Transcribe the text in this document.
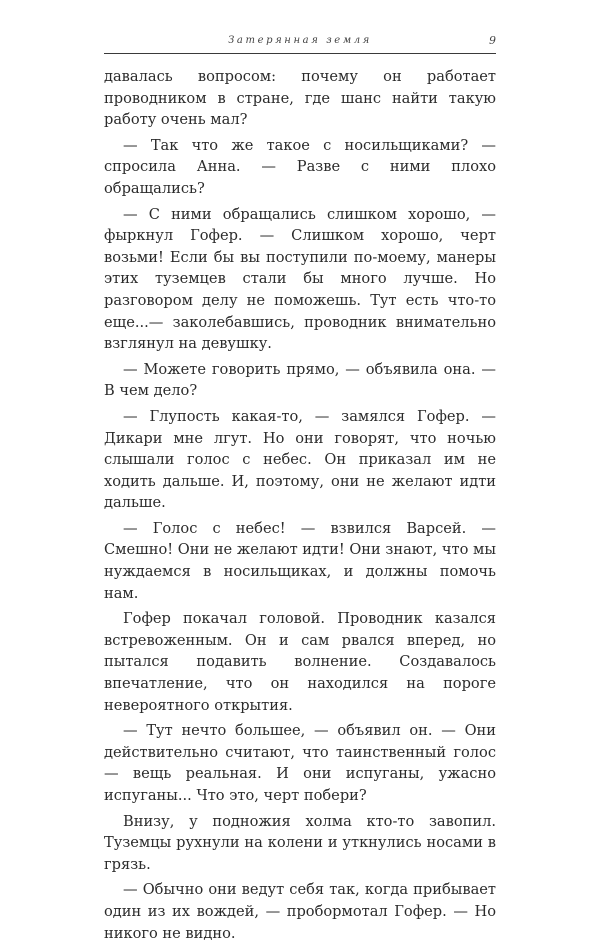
Затерянная земля	9

давалась вопросом: почему он работает проводником в стране, где шанс найти такую работу очень мал?

— Так что же такое с носильщиками? — спросила Анна. — Разве с ними плохо обращались?

— С ними обращались слишком хорошо, — фыркнул Гофер. — Слишком хорошо, черт возьми! Если бы вы поступили по-моему, манеры этих туземцев стали бы много лучше. Но разговором делу не поможешь. Тут есть что-то еще...— заколебавшись, проводник внимательно взглянул на девушку.

— Можете говорить прямо, — объявила она. — В чем дело?

— Глупость какая-то, — замялся Гофер. — Дикари мне лгут. Но они говорят, что ночью слышали голос с небес. Он приказал им не ходить дальше. И, поэтому, они не желают идти дальше.

— Голос с небес! — взвился Варсей. — Смешно! Они не желают идти! Они знают, что мы нуждаемся в носильщиках, и должны помочь нам.

Гофер покачал головой. Проводник казался встревоженным. Он и сам рвался вперед, но пытался подавить волнение. Создавалось впечатление, что он находился на пороге невероятного открытия.

— Тут нечто большее, — объявил он. — Они действительно считают, что таинственный голос — вещь реальная. И они испуганы, ужасно испуганы... Что это, черт побери?

Внизу, у подножия холма кто-то завопил. Туземцы рухнули на колени и уткнулись носами в грязь.

— Обычно они ведут себя так, когда прибывает один из их вождей, — пробормотал Гофер. — Но никого не видно.
